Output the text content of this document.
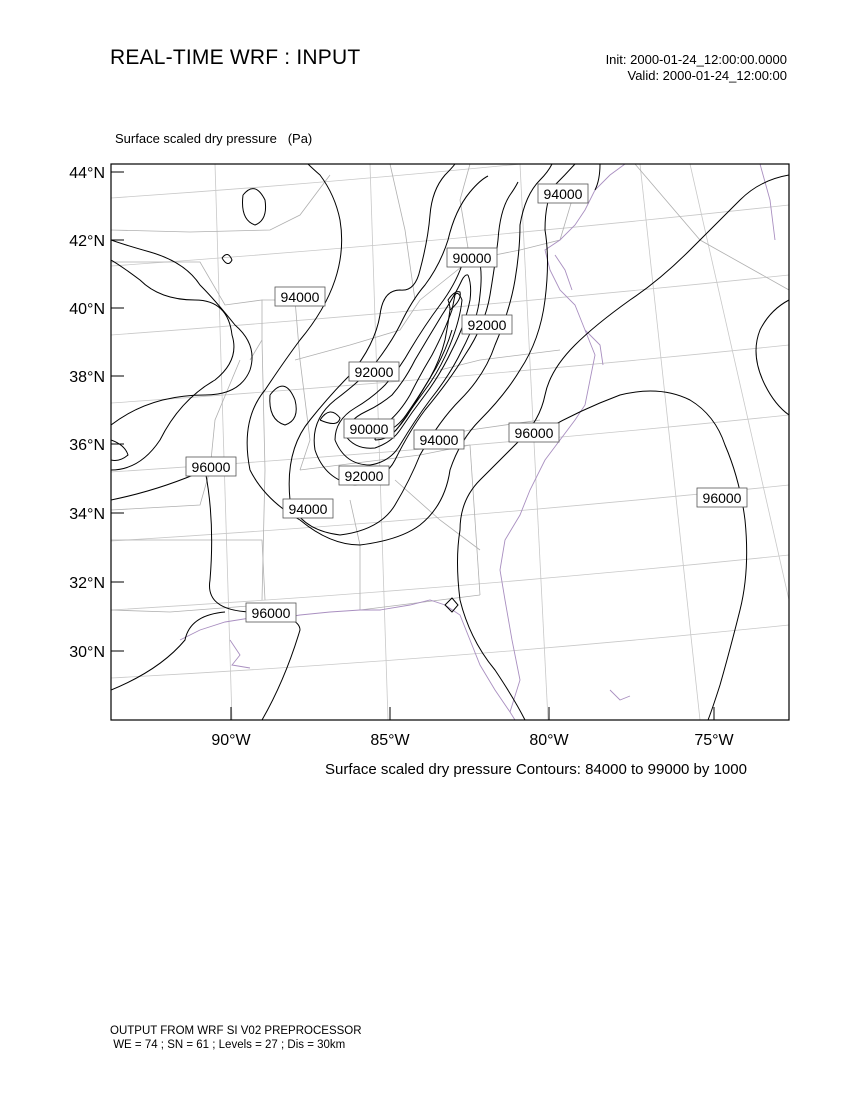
REAL-TIME WRF : INPUT	Init: 2000-01-24_12:00:00.0000
Valid: 2000-01-24_12:00:00
Surface scaled dry pressure (Pa)
44°N
42°N
40°N
38°N
36°N
34°N
32°N
30°N
90°W	85°W	80°W	75°W
94000
90000
94000
92000
92000
90000
94000	96000
96000
92000
94000
96000
96000
Surface scaled dry pressure Contours: 84000 to 99000 by 1000
OUTPUT FROM WRF SI V02 PREPROCESSOR
WE = 74 ; SN = 61 ; Levels = 27 ; Dis = 30km
